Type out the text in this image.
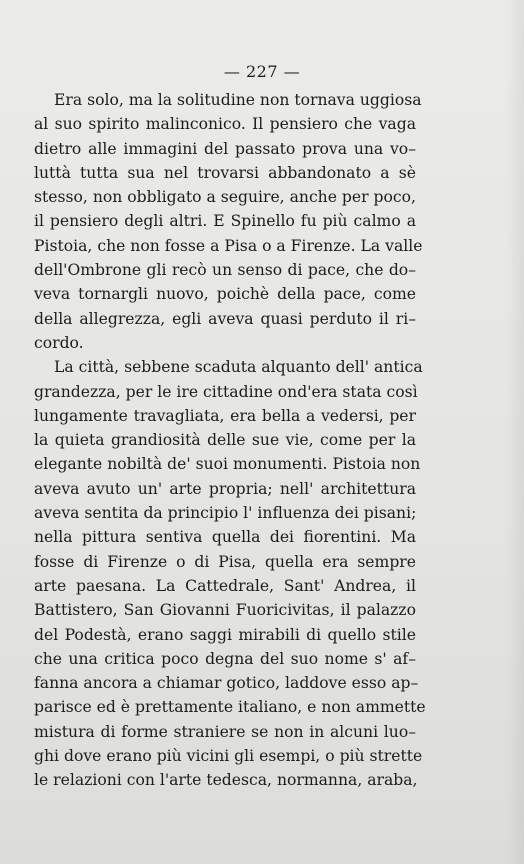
— 227 —
Era solo, ma la solitudine non tornava uggiosa
al suo spirito malinconico. Il pensiero che vaga
dietro alle immagini del passato prova una vo–
luttà tutta sua nel trovarsi abbandonato a sè
stesso, non obbligato a seguire, anche per poco,
il pensiero degli altri. E Spinello fu più calmo a
Pistoia, che non fosse a Pisa o a Firenze. La valle
dell'Ombrone gli recò un senso di pace, che do–
veva tornargli nuovo, poichè della pace, come
della allegrezza, egli aveva quasi perduto il ri–
cordo.
La città, sebbene scaduta alquanto dell' antica
grandezza, per le ire cittadine ond'era stata così
lungamente travagliata, era bella a vedersi, per
la quieta grandiosità delle sue vie, come per la
elegante nobiltà de' suoi monumenti. Pistoia non
aveva avuto un' arte propria; nell' architettura
aveva sentita da principio l' influenza dei pisani;
nella pittura sentiva quella dei fiorentini. Ma
fosse di Firenze o di Pisa, quella era sempre
arte paesana. La Cattedrale, Sant' Andrea, il
Battistero, San Giovanni Fuoricivitas, il palazzo
del Podestà, erano saggi mirabili di quello stile
che una critica poco degna del suo nome s' af–
fanna ancora a chiamar gotico, laddove esso ap–
parisce ed è prettamente italiano, e non ammette
mistura di forme straniere se non in alcuni luo–
ghi dove erano più vicini gli esempi, o più strette
le relazioni con l'arte tedesca, normanna, araba,
